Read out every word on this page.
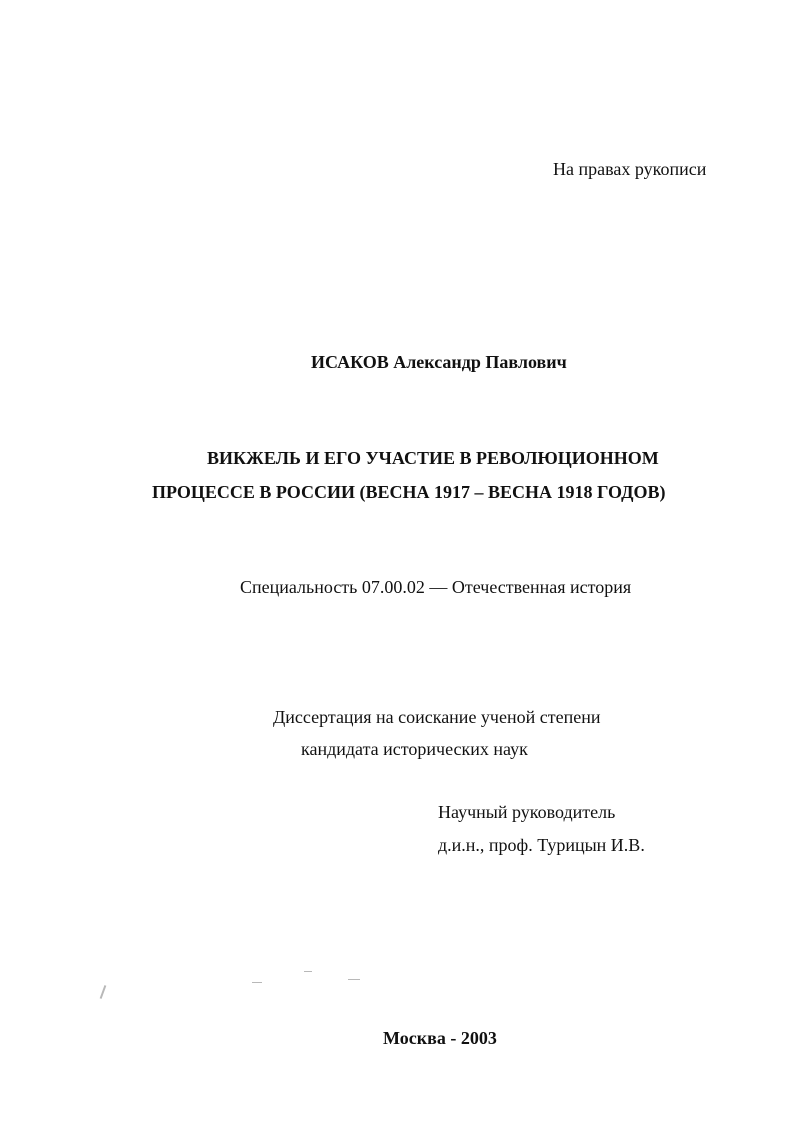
На правах рукописи
ИСАКОВ Александр Павлович
ВИКЖЕЛЬ И ЕГО УЧАСТИЕ В РЕВОЛЮЦИОННОМ
ПРОЦЕССЕ В РОССИИ (ВЕСНА 1917 – ВЕСНА 1918 ГОДОВ)
Специальность 07.00.02 — Отечественная история
Диссертация на соискание ученой степени
кандидата исторических наук
Научный руководитель
д.и.н., проф. Турицын И.В.
Москва - 2003
